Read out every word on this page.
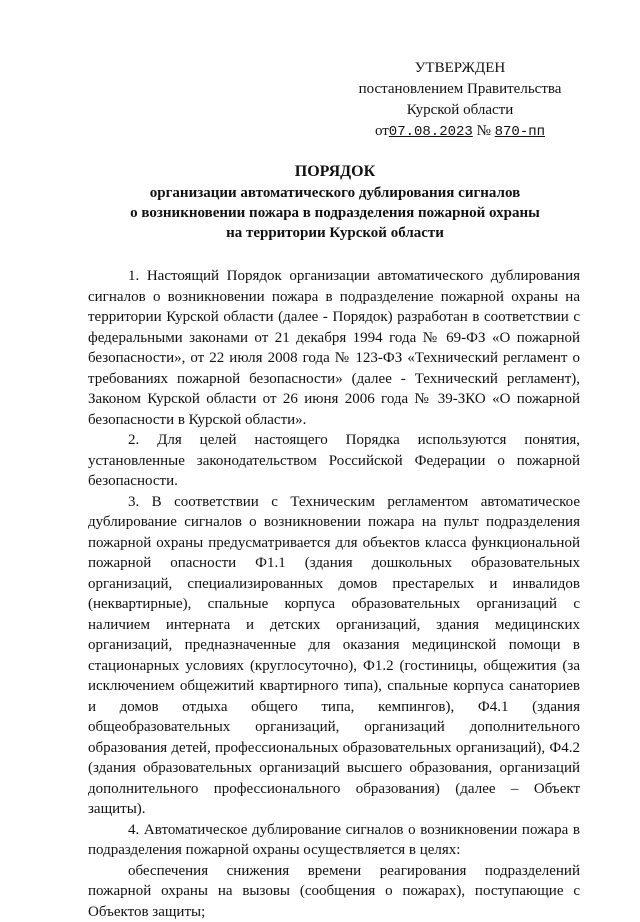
УТВЕРЖДЕН
постановлением Правительства
Курской области
от07.08.2023 № 870-пп
ПОРЯДОК
организации автоматического дублирования сигналов
о возникновении пожара в подразделения пожарной охраны
на территории Курской области

1. Настоящий Порядок организации автоматического дублирования сигналов о возникновении пожара в подразделение пожарной охраны на территории Курской области (далее - Порядок) разработан в соответствии с федеральными законами от 21 декабря 1994 года № 69-ФЗ «О пожарной безопасности», от 22 июля 2008 года № 123-ФЗ «Технический регламент о требованиях пожарной безопасности» (далее - Технический регламент), Законом Курской области от 26 июня 2006 года № 39-ЗКО «О пожарной безопасности в Курской области».

2. Для целей настоящего Порядка используются понятия, установленные законодательством Российской Федерации о пожарной безопасности.

3. В соответствии с Техническим регламентом автоматическое дублирование сигналов о возникновении пожара на пульт подразделения пожарной охраны предусматривается для объектов класса функциональной пожарной опасности Ф1.1 (здания дошкольных образовательных организаций, специализированных домов престарелых и инвалидов (неквартирные), спальные корпуса образовательных организаций с наличием интерната и детских организаций, здания медицинских организаций, предназначенные для оказания медицинской помощи в стационарных условиях (круглосуточно), Ф1.2 (гостиницы, общежития (за исключением общежитий квартирного типа), спальные корпуса санаториев и домов отдыха общего типа, кемпингов), Ф4.1 (здания общеобразовательных организаций, организаций дополнительного образования детей, профессиональных образовательных организаций), Ф4.2 (здания образовательных организаций высшего образования, организаций дополнительного профессионального образования) (далее – Объект защиты).

4. Автоматическое дублирование сигналов о возникновении пожара в подразделения пожарной охраны осуществляется в целях:

обеспечения снижения времени реагирования подразделений пожарной охраны на вызовы (сообщения о пожарах), поступающие с Объектов защиты;
